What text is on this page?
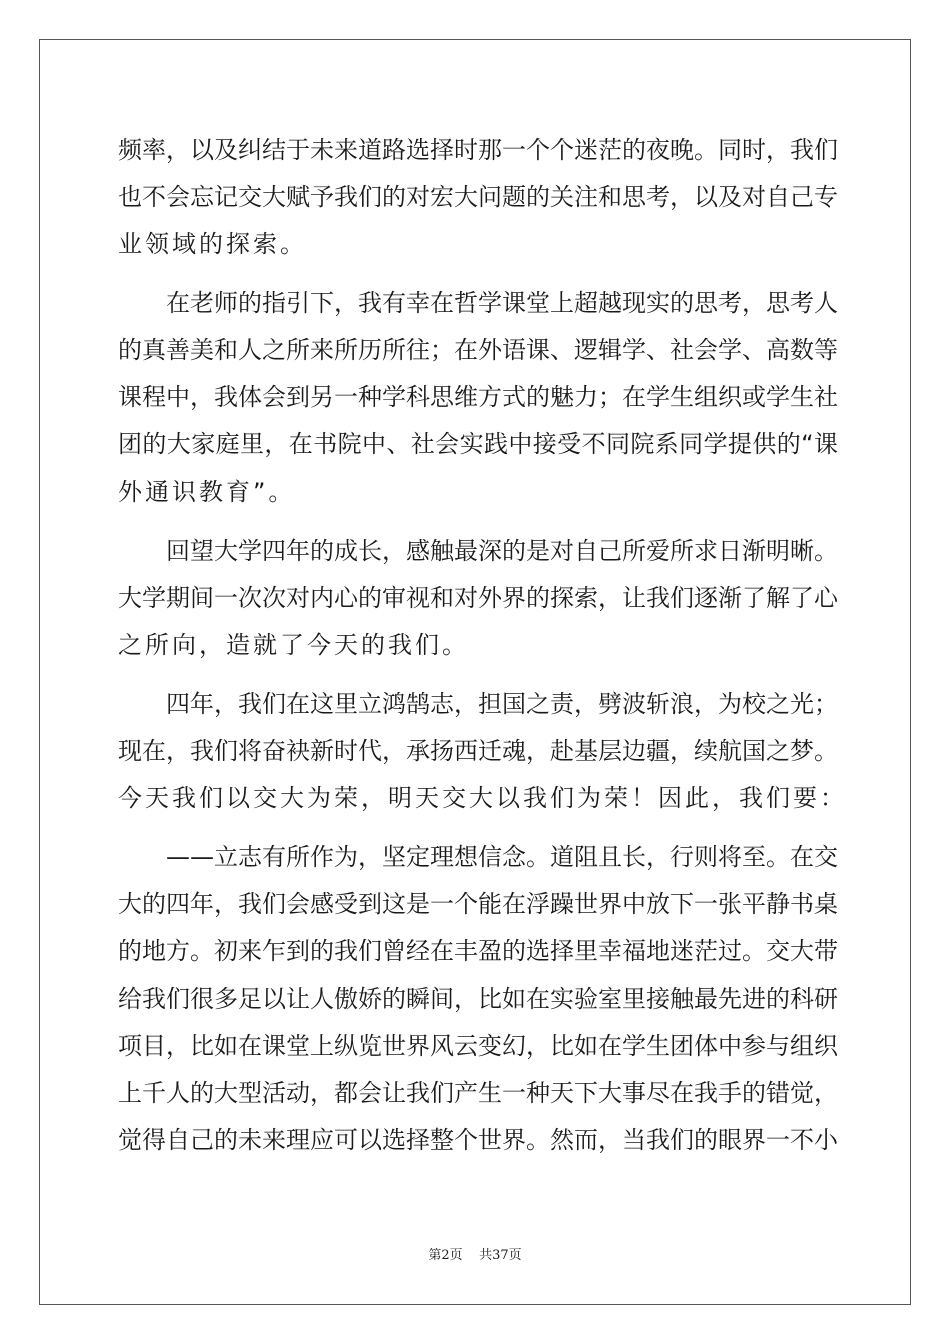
频率，以及纠结于未来道路选择时那一个个迷茫的夜晚。同时，我们
也不会忘记交大赋予我们的对宏大问题的关注和思考，以及对自己专
业领域的探索。
在老师的指引下，我有幸在哲学课堂上超越现实的思考，思考人
的真善美和人之所来所历所往；在外语课、逻辑学、社会学、高数等
课程中，我体会到另一种学科思维方式的魅力；在学生组织或学生社
团的大家庭里，在书院中、社会实践中接受不同院系同学提供的“课
外通识教育”。
回望大学四年的成长，感触最深的是对自己所爱所求日渐明晰。
大学期间一次次对内心的审视和对外界的探索，让我们逐渐了解了心
之所向，造就了今天的我们。
四年，我们在这里立鸿鹄志，担国之责，劈波斩浪，为校之光；
现在，我们将奋袂新时代，承扬西迁魂，赴基层边疆，续航国之梦。
今天我们以交大为荣，明天交大以我们为荣！因此，我们要：
——立志有所作为，坚定理想信念。道阻且长，行则将至。在交
大的四年，我们会感受到这是一个能在浮躁世界中放下一张平静书桌
的地方。初来乍到的我们曾经在丰盈的选择里幸福地迷茫过。交大带
给我们很多足以让人傲娇的瞬间，比如在实验室里接触最先进的科研
项目，比如在课堂上纵览世界风云变幻，比如在学生团体中参与组织
上千人的大型活动，都会让我们产生一种天下大事尽在我手的错觉，
觉得自己的未来理应可以选择整个世界。然而，当我们的眼界一不小
第2页 共37页
